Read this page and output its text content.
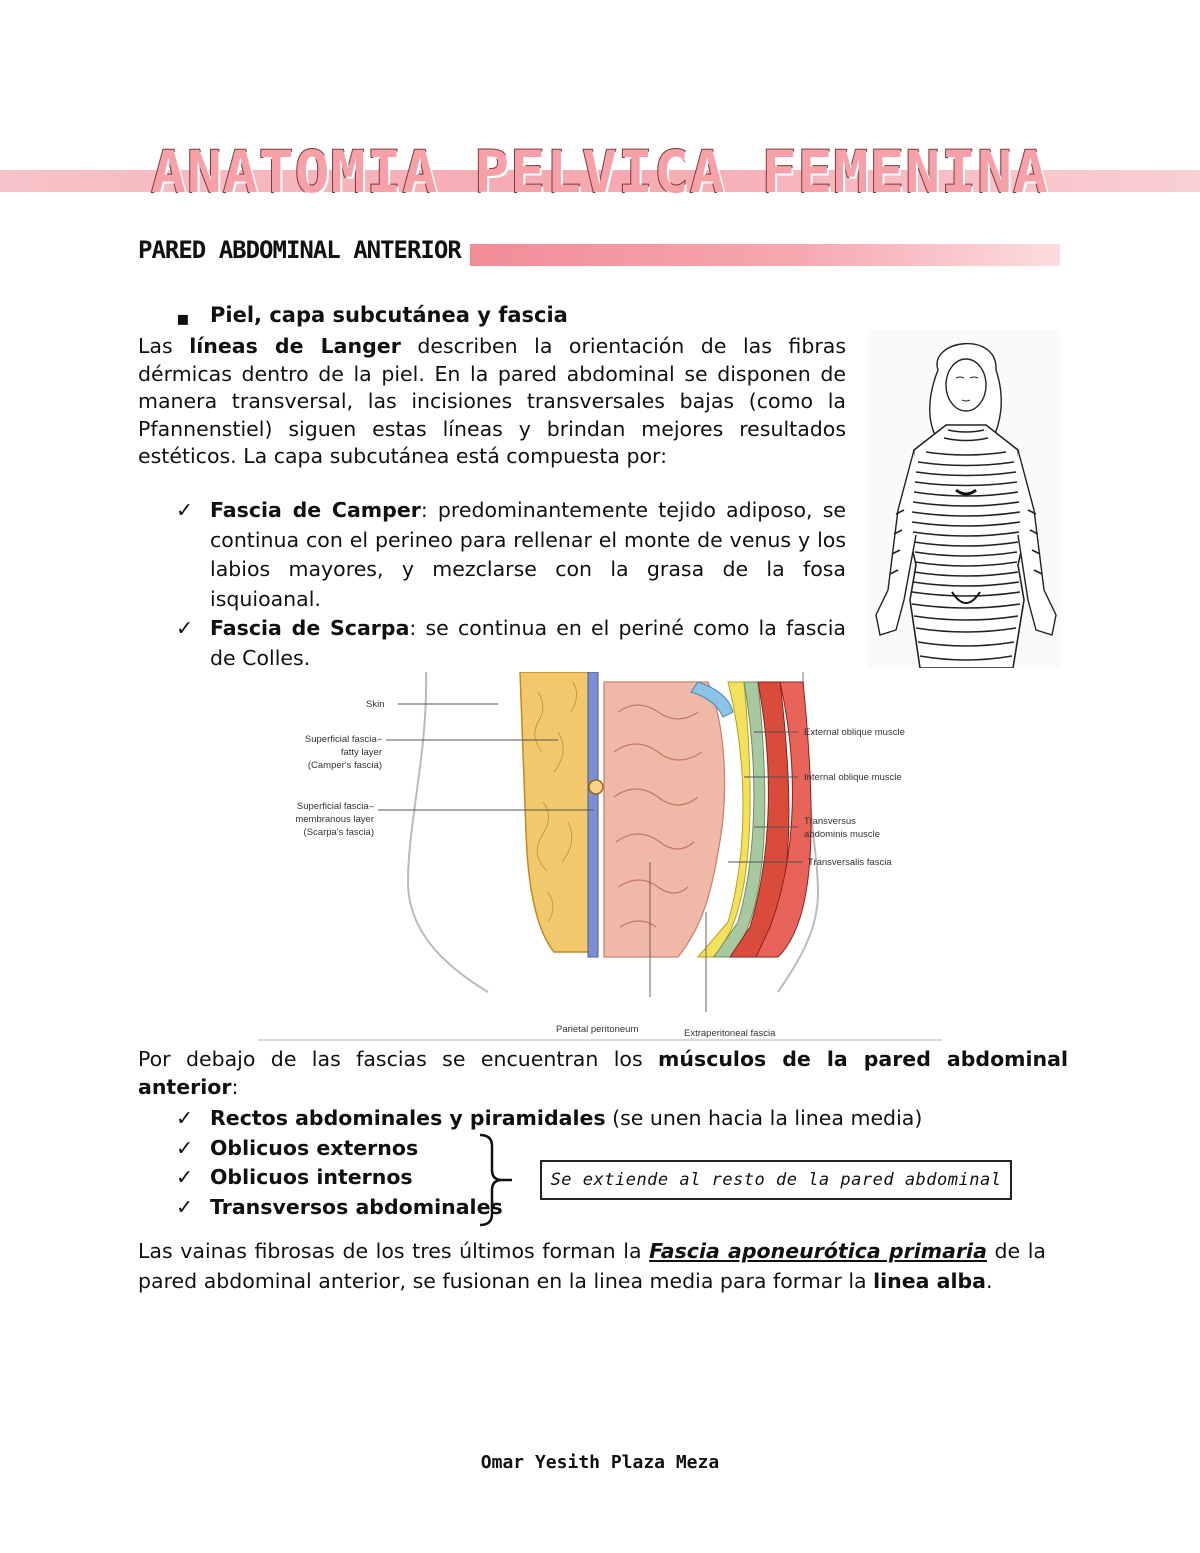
ANATOMIA PELVICA FEMENINA
PARED ABDOMINAL ANTERIOR
▪ Piel, capa subcutánea y fascia
Las líneas de Langer describen la orientación de las fibras dérmicas dentro de la piel. En la pared abdominal se disponen de manera transversal, las incisiones transversales bajas (como la Pfannenstiel) siguen estas líneas y brindan mejores resultados estéticos. La capa subcutánea está compuesta por:
✓ Fascia de Camper: predominantemente tejido adiposo, se continua con el perineo para rellenar el monte de venus y los labios mayores, y mezclarse con la grasa de la fosa isquioanal.
✓ Fascia de Scarpa: se continua en el periné como la fascia de Colles.
Skin
Superficial fascia–
fatty layer
(Camper's fascia)
Superficial fascia–
membranous layer
(Scarpa's fascia)
External oblique muscle
Internal oblique muscle
Transversus
abdominis muscle
Transversalis fascia
Parietal peritoneum	Extraperitoneal fascia
Por debajo de las fascias se encuentran los músculos de la pared abdominal anterior:
✓ Rectos abdominales y piramidales (se unen hacia la linea media)
✓ Oblicuos externos
✓ Oblicuos internos
✓ Transversos abdominales
Se extiende al resto de la pared abdominal
Las vainas fibrosas de los tres últimos forman la Fascia aponeurótica primaria de la pared abdominal anterior, se fusionan en la linea media para formar la linea alba.
Omar Yesith Plaza Meza
